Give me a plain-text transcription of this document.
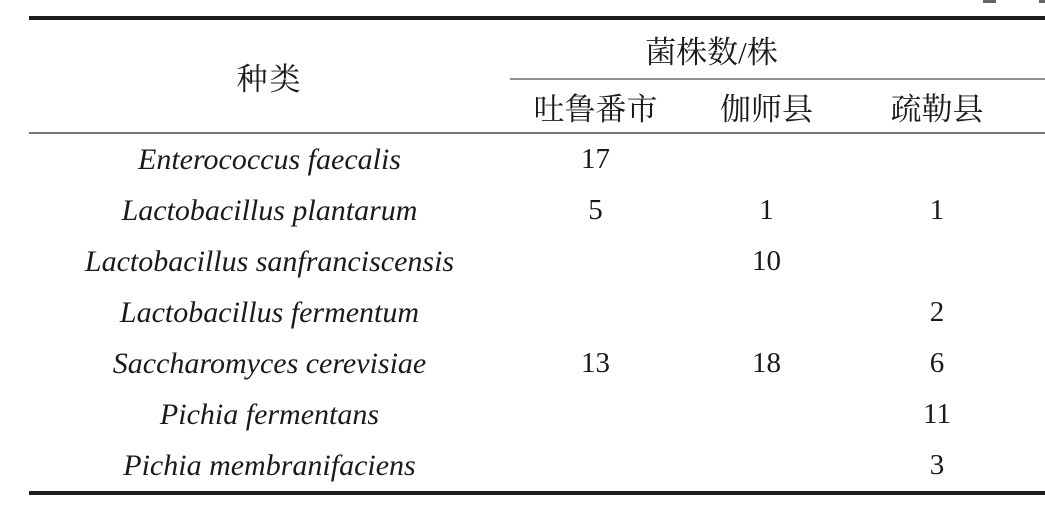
种类	菌株数/株		
	吐鲁番市	伽师县	疏勒县
Enterococcus faecalis	17		
Lactobacillus plantarum	5	1	1
Lactobacillus sanfranciscensis		10	
Lactobacillus fermentum			2
Saccharomyces cerevisiae	13	18	6
Pichia fermentans			11
Pichia membranifaciens			3
